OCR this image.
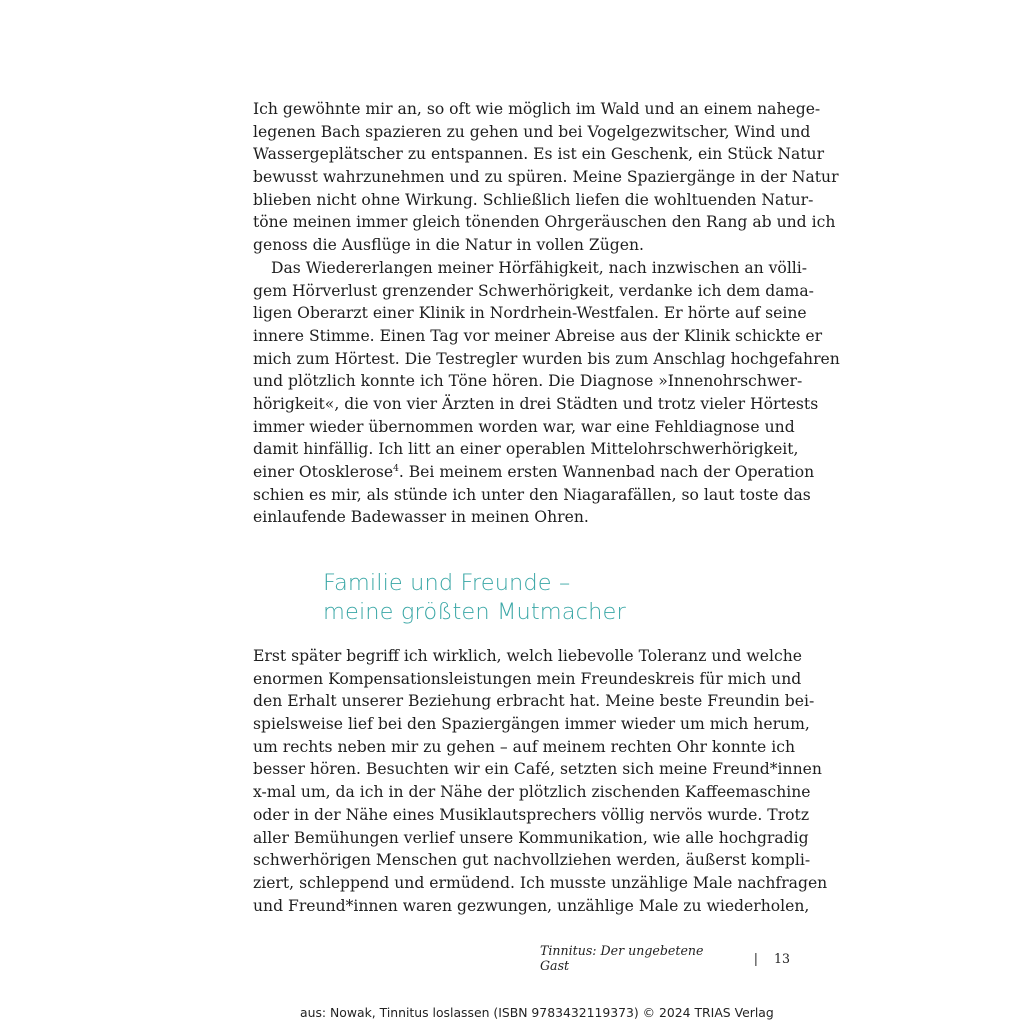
Ich gewöhnte mir an, so oft wie möglich im Wald und an einem nahege-
legenen Bach spazieren zu gehen und bei Vogelgezwitscher, Wind und
Wassergeplätscher zu entspannen. Es ist ein Geschenk, ein Stück Natur
bewusst wahrzunehmen und zu spüren. Meine Spaziergänge in der Natur
blieben nicht ohne Wirkung. Schließlich liefen die wohltuenden Natur-
töne meinen immer gleich tönenden Ohrgeräuschen den Rang ab und ich
genoss die Ausflüge in die Natur in vollen Zügen.
Das Wiedererlangen meiner Hörfähigkeit, nach inzwischen an völli-
gem Hörverlust grenzender Schwerhörigkeit, verdanke ich dem dama-
ligen Oberarzt einer Klinik in Nordrhein-Westfalen. Er hörte auf seine
innere Stimme. Einen Tag vor meiner Abreise aus der Klinik schickte er
mich zum Hörtest. Die Testregler wurden bis zum Anschlag hochgefahren
und plötzlich konnte ich Töne hören. Die Diagnose »Innenohrschwer-
hörigkeit«, die von vier Ärzten in drei Städten und trotz vieler Hörtests
immer wieder übernommen worden war, war eine Fehldiagnose und
damit hinfällig. Ich litt an einer operablen Mittelohrschwerhörigkeit,
einer Otosklerose$^4$. Bei meinem ersten Wannenbad nach der Operation
schien es mir, als stünde ich unter den Niagarafällen, so laut toste das
einlaufende Badewasser in meinen Ohren.
Familie und Freunde –
meine größten Mutmacher
Erst später begriff ich wirklich, welch liebevolle Toleranz und welche
enormen Kompensationsleistungen mein Freundeskreis für mich und
den Erhalt unserer Beziehung erbracht hat. Meine beste Freundin bei-
spielsweise lief bei den Spaziergängen immer wieder um mich herum,
um rechts neben mir zu gehen – auf meinem rechten Ohr konnte ich
besser hören. Besuchten wir ein Café, setzten sich meine Freund*innen
x-mal um, da ich in der Nähe der plötzlich zischenden Kaffeemaschine
oder in der Nähe eines Musiklautsprechers völlig nervös wurde. Trotz
aller Bemühungen verlief unsere Kommunikation, wie alle hochgradig
schwerhörigen Menschen gut nachvollziehen werden, äußerst kompli-
ziert, schleppend und ermüdend. Ich musste unzählige Male nachfragen
und Freund*innen waren gezwungen, unzählige Male zu wiederholen,
Tinnitus: Der ungebetene Gast	| 13
aus: Nowak, Tinnitus loslassen (ISBN 9783432119373) © 2024 TRIAS Verlag
